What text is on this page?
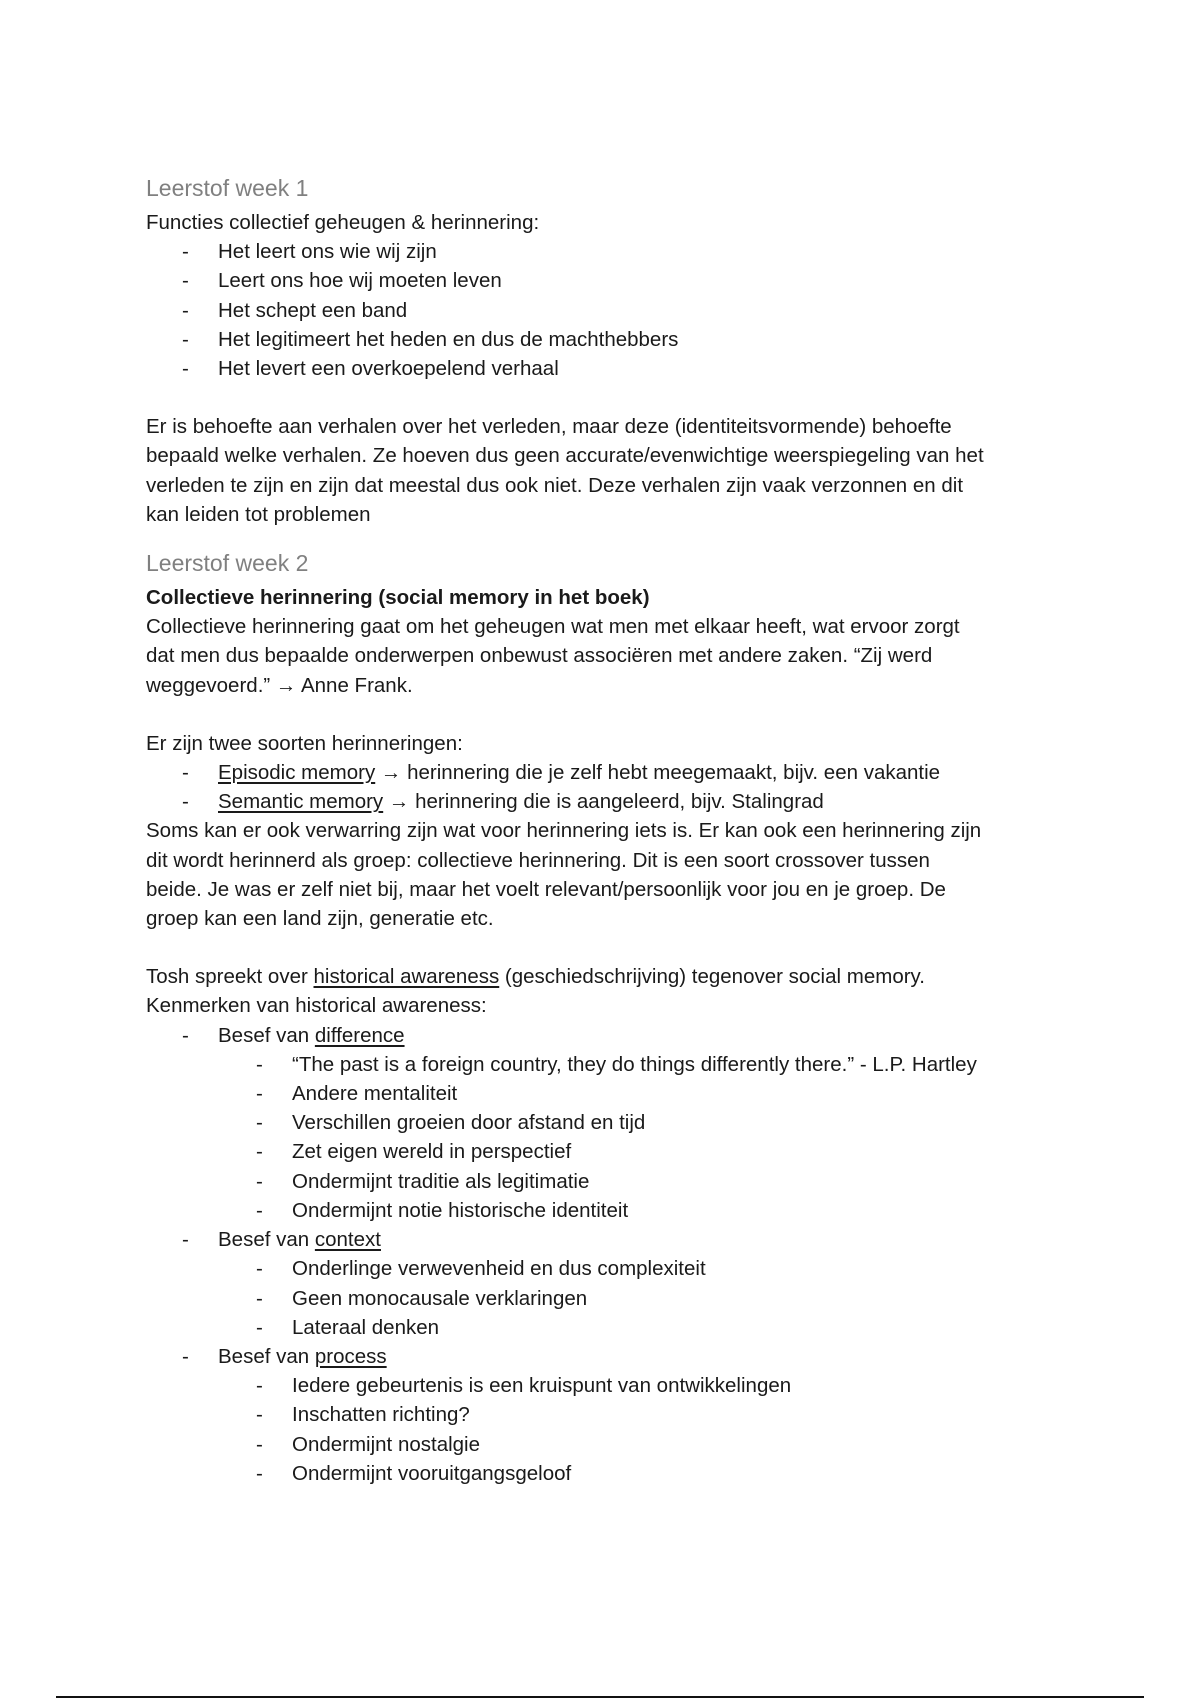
Leerstof week 1

Functies collectief geheugen & herinnering:

- Het leert ons wie wij zijn
- Leert ons hoe wij moeten leven
- Het schept een band
- Het legitimeert het heden en dus de machthebbers
- Het levert een overkoepelend verhaal

Er is behoefte aan verhalen over het verleden, maar deze (identiteitsvormende) behoefte

bepaald welke verhalen. Ze hoeven dus geen accurate/evenwichtige weerspiegeling van het

verleden te zijn en zijn dat meestal dus ook niet. Deze verhalen zijn vaak verzonnen en dit

kan leiden tot problemen

Leerstof week 2

Collectieve herinnering (social memory in het boek)

Collectieve herinnering gaat om het geheugen wat men met elkaar heeft, wat ervoor zorgt

dat men dus bepaalde onderwerpen onbewust associëren met andere zaken. “Zij werd

weggevoerd.” → Anne Frank.

Er zijn twee soorten herinneringen:

- Episodic memory → herinnering die je zelf hebt meegemaakt, bijv. een vakantie
- Semantic memory → herinnering die is aangeleerd, bijv. Stalingrad

Soms kan er ook verwarring zijn wat voor herinnering iets is. Er kan ook een herinnering zijn

dit wordt herinnerd als groep: collectieve herinnering. Dit is een soort crossover tussen

beide. Je was er zelf niet bij, maar het voelt relevant/persoonlijk voor jou en je groep. De

groep kan een land zijn, generatie etc.

Tosh spreekt over historical awareness (geschiedschrijving) tegenover social memory.

Kenmerken van historical awareness:

- Besef van difference
- “The past is a foreign country, they do things differently there.” - L.P. Hartley
- Andere mentaliteit
- Verschillen groeien door afstand en tijd
- Zet eigen wereld in perspectief
- Ondermijnt traditie als legitimatie
- Ondermijnt notie historische identiteit
- Besef van context
- Onderlinge verwevenheid en dus complexiteit
- Geen monocausale verklaringen
- Lateraal denken
- Besef van process
- Iedere gebeurtenis is een kruispunt van ontwikkelingen
- Inschatten richting?
- Ondermijnt nostalgie
- Ondermijnt vooruitgangsgeloof
